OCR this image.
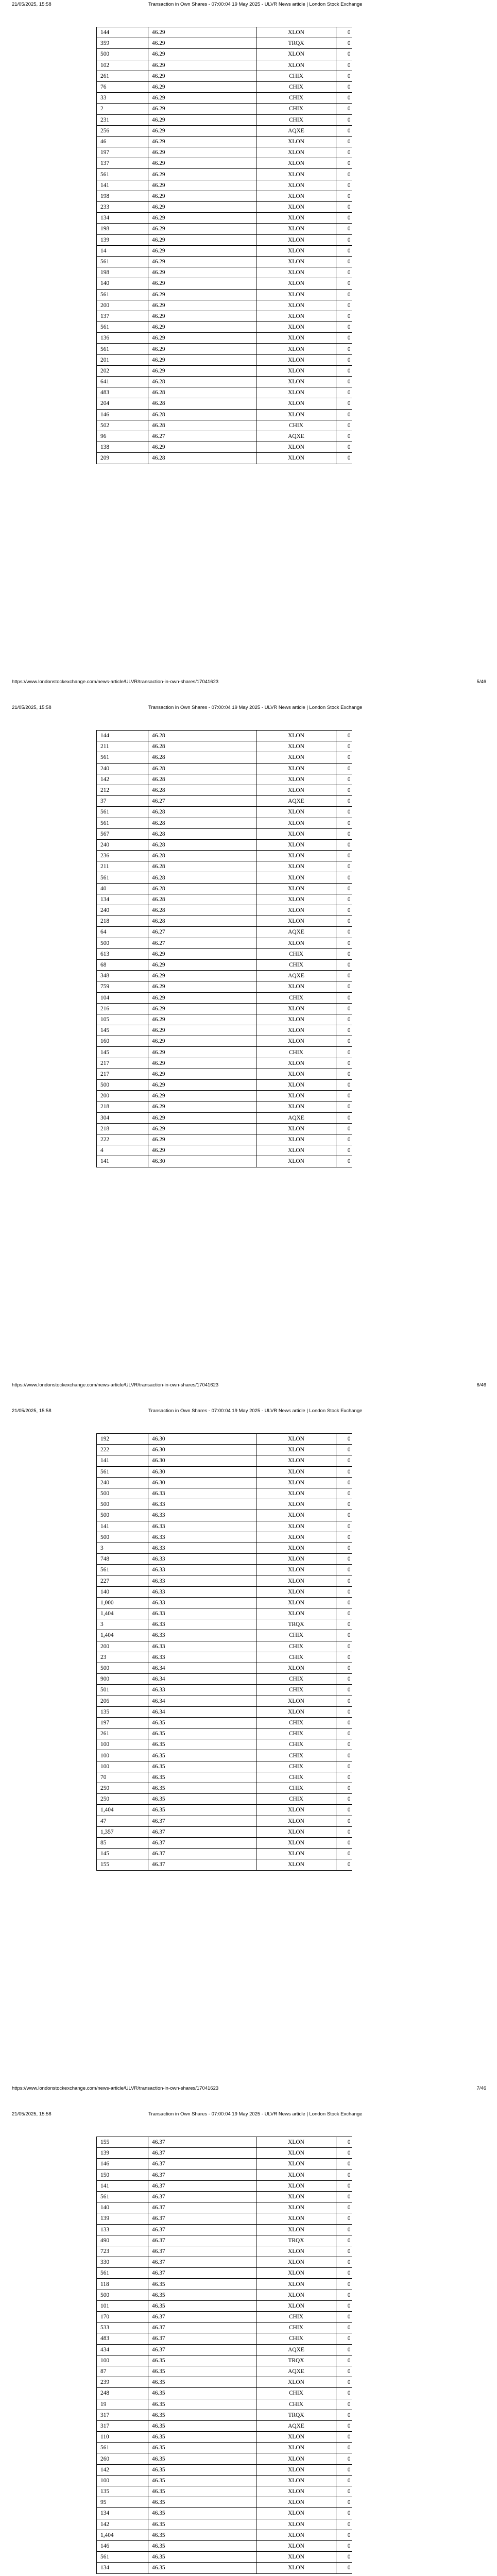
21/05/2025, 15:58	Transaction in Own Shares - 07:00:04 19 May 2025 - ULVR News article | London Stock Exchange
144	46.29	XLON	0
359	46.29	TRQX	0
500	46.29	XLON	0
102	46.29	XLON	0
261	46.29	CHIX	0
76	46.29	CHIX	0
33	46.29	CHIX	0
2	46.29	CHIX	0
231	46.29	CHIX	0
256	46.29	AQXE	0
46	46.29	XLON	0
197	46.29	XLON	0
137	46.29	XLON	0
561	46.29	XLON	0
141	46.29	XLON	0
198	46.29	XLON	0
233	46.29	XLON	0
134	46.29	XLON	0
198	46.29	XLON	0
139	46.29	XLON	0
14	46.29	XLON	0
561	46.29	XLON	0
198	46.29	XLON	0
140	46.29	XLON	0
561	46.29	XLON	0
200	46.29	XLON	0
137	46.29	XLON	0
561	46.29	XLON	0
136	46.29	XLON	0
561	46.29	XLON	0
201	46.29	XLON	0
202	46.29	XLON	0
641	46.28	XLON	0
483	46.28	XLON	0
204	46.28	XLON	0
146	46.28	XLON	0
502	46.28	CHIX	0
96	46.27	AQXE	0
138	46.29	XLON	0
209	46.28	XLON	0
https://www.londonstockexchange.com/news-article/ULVR/transaction-in-own-shares/17041623	5/46
21/05/2025, 15:58	Transaction in Own Shares - 07:00:04 19 May 2025 - ULVR News article | London Stock Exchange
144	46.28	XLON	0
211	46.28	XLON	0
561	46.28	XLON	0
240	46.28	XLON	0
142	46.28	XLON	0
212	46.28	XLON	0
37	46.27	AQXE	0
561	46.28	XLON	0
561	46.28	XLON	0
567	46.28	XLON	0
240	46.28	XLON	0
236	46.28	XLON	0
211	46.28	XLON	0
561	46.28	XLON	0
40	46.28	XLON	0
134	46.28	XLON	0
240	46.28	XLON	0
218	46.28	XLON	0
64	46.27	AQXE	0
500	46.27	XLON	0
613	46.29	CHIX	0
68	46.29	CHIX	0
348	46.29	AQXE	0
759	46.29	XLON	0
104	46.29	CHIX	0
216	46.29	XLON	0
105	46.29	XLON	0
145	46.29	XLON	0
160	46.29	XLON	0
145	46.29	CHIX	0
217	46.29	XLON	0
217	46.29	XLON	0
500	46.29	XLON	0
200	46.29	XLON	0
218	46.29	XLON	0
304	46.29	AQXE	0
218	46.29	XLON	0
222	46.29	XLON	0
4	46.29	XLON	0
141	46.30	XLON	0
https://www.londonstockexchange.com/news-article/ULVR/transaction-in-own-shares/17041623	6/46
21/05/2025, 15:58	Transaction in Own Shares - 07:00:04 19 May 2025 - ULVR News article | London Stock Exchange
192	46.30	XLON	0
222	46.30	XLON	0
141	46.30	XLON	0
561	46.30	XLON	0
240	46.30	XLON	0
500	46.33	XLON	0
500	46.33	XLON	0
500	46.33	XLON	0
141	46.33	XLON	0
500	46.33	XLON	0
3	46.33	XLON	0
748	46.33	XLON	0
561	46.33	XLON	0
227	46.33	XLON	0
140	46.33	XLON	0
1,000	46.33	XLON	0
1,404	46.33	XLON	0
3	46.33	TRQX	0
1,404	46.33	CHIX	0
200	46.33	CHIX	0
23	46.33	CHIX	0
500	46.34	XLON	0
900	46.34	CHIX	0
501	46.33	CHIX	0
206	46.34	XLON	0
135	46.34	XLON	0
197	46.35	CHIX	0
261	46.35	CHIX	0
100	46.35	CHIX	0
100	46.35	CHIX	0
100	46.35	CHIX	0
70	46.35	CHIX	0
250	46.35	CHIX	0
250	46.35	CHIX	0
1,404	46.35	XLON	0
47	46.37	XLON	0
1,357	46.37	XLON	0
85	46.37	XLON	0
145	46.37	XLON	0
155	46.37	XLON	0
https://www.londonstockexchange.com/news-article/ULVR/transaction-in-own-shares/17041623	7/46
21/05/2025, 15:58	Transaction in Own Shares - 07:00:04 19 May 2025 - ULVR News article | London Stock Exchange
155	46.37	XLON	0
139	46.37	XLON	0
146	46.37	XLON	0
150	46.37	XLON	0
141	46.37	XLON	0
561	46.37	XLON	0
140	46.37	XLON	0
139	46.37	XLON	0
133	46.37	XLON	0
490	46.37	TRQX	0
723	46.37	XLON	0
330	46.37	XLON	0
561	46.37	XLON	0
118	46.35	XLON	0
500	46.35	XLON	0
101	46.35	XLON	0
170	46.37	CHIX	0
533	46.37	CHIX	0
483	46.37	CHIX	0
434	46.37	AQXE	0
100	46.35	TRQX	0
87	46.35	AQXE	0
239	46.35	XLON	0
248	46.35	CHIX	0
19	46.35	CHIX	0
317	46.35	TRQX	0
317	46.35	AQXE	0
110	46.35	XLON	0
561	46.35	XLON	0
260	46.35	XLON	0
142	46.35	XLON	0
100	46.35	XLON	0
135	46.35	XLON	0
95	46.35	XLON	0
134	46.35	XLON	0
142	46.35	XLON	0
1,404	46.35	XLON	0
146	46.35	XLON	0
561	46.35	XLON	0
134	46.35	XLON	0
